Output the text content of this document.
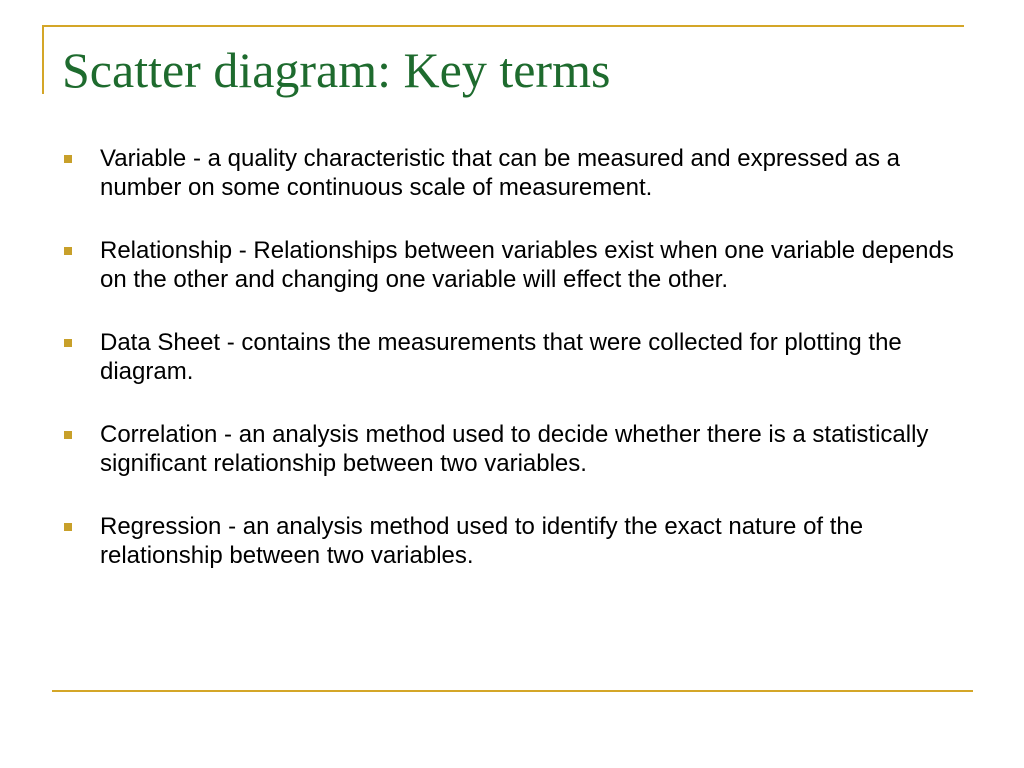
Scatter diagram: Key terms
Variable - a quality characteristic that can be measured and expressed as a number on some continuous scale of measurement.
Relationship - Relationships between variables exist when one variable depends on the other and changing one variable will effect the other.
Data Sheet - contains the measurements that were collected for plotting the diagram.
Correlation - an analysis method used to decide whether there is a statistically significant relationship between two variables.
Regression - an analysis method used to identify the exact nature of the relationship between two variables.
